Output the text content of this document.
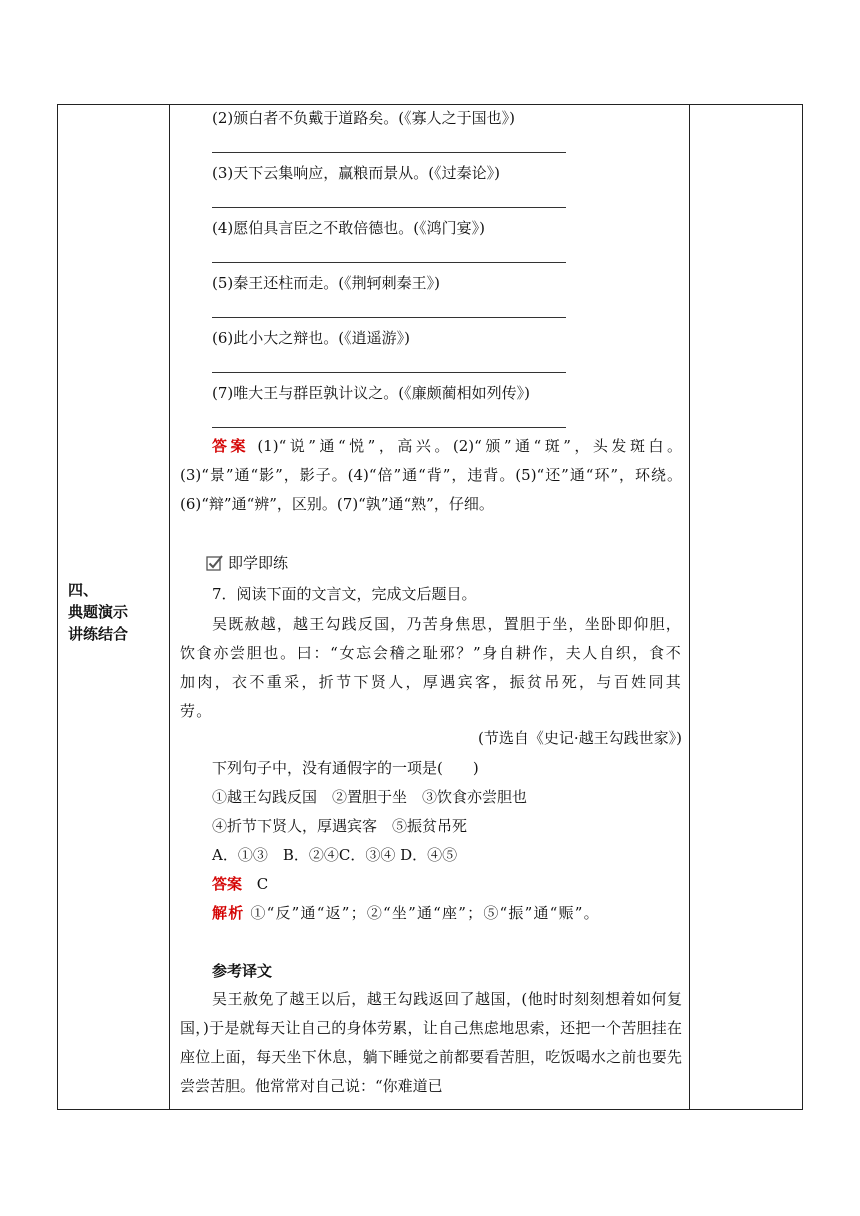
四、
典题演示
讲练结合
(2)颁白者不负戴于道路矣。(《寡人之于国也》)
(3)天下云集响应，赢粮而景从。(《过秦论》)
(4)愿伯具言臣之不敢倍德也。(《鸿门宴》)
(5)秦王还柱而走。(《荆轲刺秦王》)
(6)此小大之辩也。(《逍遥游》)
(7)唯大王与群臣孰计议之。(《廉颇蔺相如列传》)
答案 (1)“说”通“悦”，高兴。(2)“颁”通“斑”，头发斑白。(3)“景”通“影”，影子。(4)“倍”通“背”，违背。(5)“还”通“环”，环绕。(6)“辩”通“辨”，区别。(7)“孰”通“熟”，仔细。
即学即练
7．阅读下面的文言文，完成文后题目。
吴既赦越，越王勾践反国，乃苦身焦思，置胆于坐，坐卧即仰胆，饮食亦尝胆也。曰：“女忘会稽之耻邪？”身自耕作，夫人自织，食不加肉，衣不重采，折节下贤人，厚遇宾客，振贫吊死，与百姓同其劳。
(节选自《史记·越王勾践世家》)
下列句子中，没有通假字的一项是(　　)
①越王勾践反国　②置胆于坐　③饮食亦尝胆也
④折节下贤人，厚遇宾客　⑤振贫吊死
A．①③　B．②④C．③④ D．④⑤
答案 C
解析 ①“反”通“返”；②“坐”通“座”；⑤“振”通“赈”。
参考译文
吴王赦免了越王以后，越王勾践返回了越国，(他时时刻刻想着如何复国，)于是就每天让自己的身体劳累，让自己焦虑地思索，还把一个苦胆挂在座位上面，每天坐下休息，躺下睡觉之前都要看苦胆，吃饭喝水之前也要先尝尝苦胆。他常常对自己说：“你难道已
